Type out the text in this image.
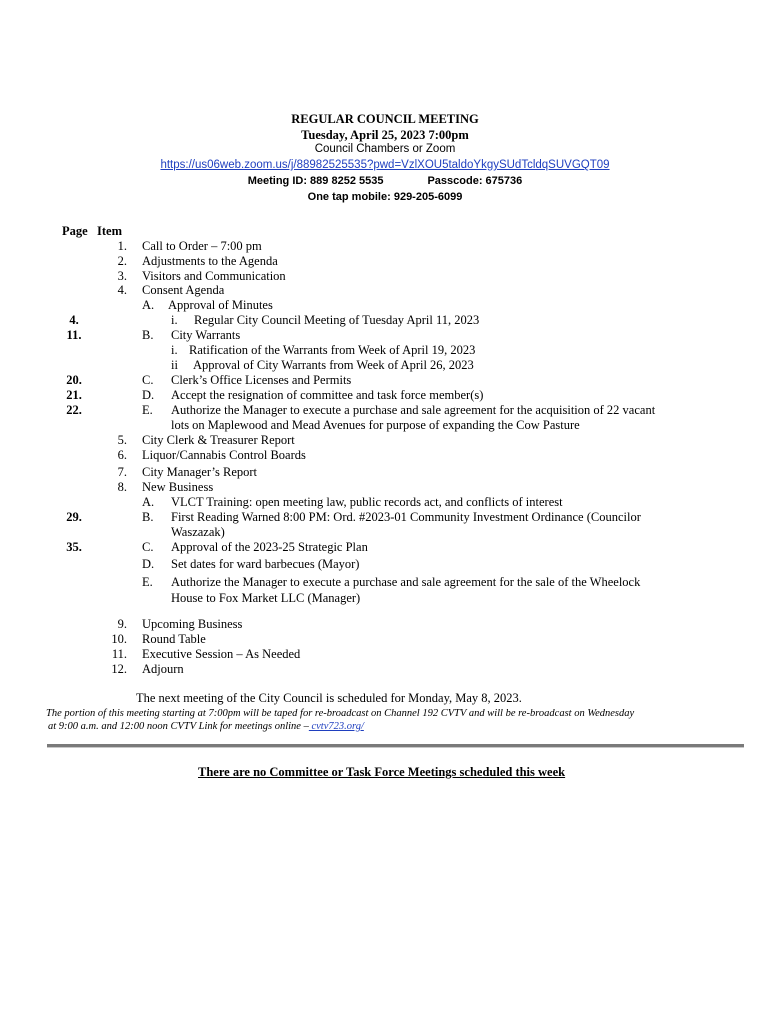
REGULAR COUNCIL MEETING
Tuesday, April 25, 2023 7:00pm
Council Chambers or Zoom
https://us06web.zoom.us/j/88982525535?pwd=VzlXOU5taldoYkgySUdTcldqSUVGQT09
Meeting ID: 889 8252 5535	Passcode: 675736
One tap mobile: 929-205-6099
Page Item
1. Call to Order – 7:00 pm
2. Adjustments to the Agenda
3. Visitors and Communication
4. Consent Agenda
A. Approval of Minutes
4.	i. Regular City Council Meeting of Tuesday April 11, 2023
11.	B. City Warrants
i. Ratification of the Warrants from Week of April 19, 2023
ii Approval of City Warrants from Week of April 26, 2023
20.	C. Clerk’s Office Licenses and Permits
21.	D. Accept the resignation of committee and task force member(s)
22.	E. Authorize the Manager to execute a purchase and sale agreement for the acquisition of 22 vacant
lots on Maplewood and Mead Avenues for purpose of expanding the Cow Pasture
5. City Clerk & Treasurer Report
6. Liquor/Cannabis Control Boards
7. City Manager’s Report
8. New Business
A. VLCT Training: open meeting law, public records act, and conflicts of interest
29.	B. First Reading Warned 8:00 PM: Ord. #2023-01 Community Investment Ordinance (Councilor
Waszazak)
35.	C. Approval of the 2023-25 Strategic Plan
D. Set dates for ward barbecues (Mayor)
E. Authorize the Manager to execute a purchase and sale agreement for the sale of the Wheelock
House to Fox Market LLC (Manager)
9. Upcoming Business
10. Round Table
11. Executive Session – As Needed
12. Adjourn
The next meeting of the City Council is scheduled for Monday, May 8, 2023.
The portion of this meeting starting at 7:00pm will be taped for re-broadcast on Channel 192 CVTV and will be re-broadcast on Wednesday
at 9:00 a.m. and 12:00 noon CVTV Link for meetings online – cvtv723.org/
There are no Committee or Task Force Meetings scheduled this week
